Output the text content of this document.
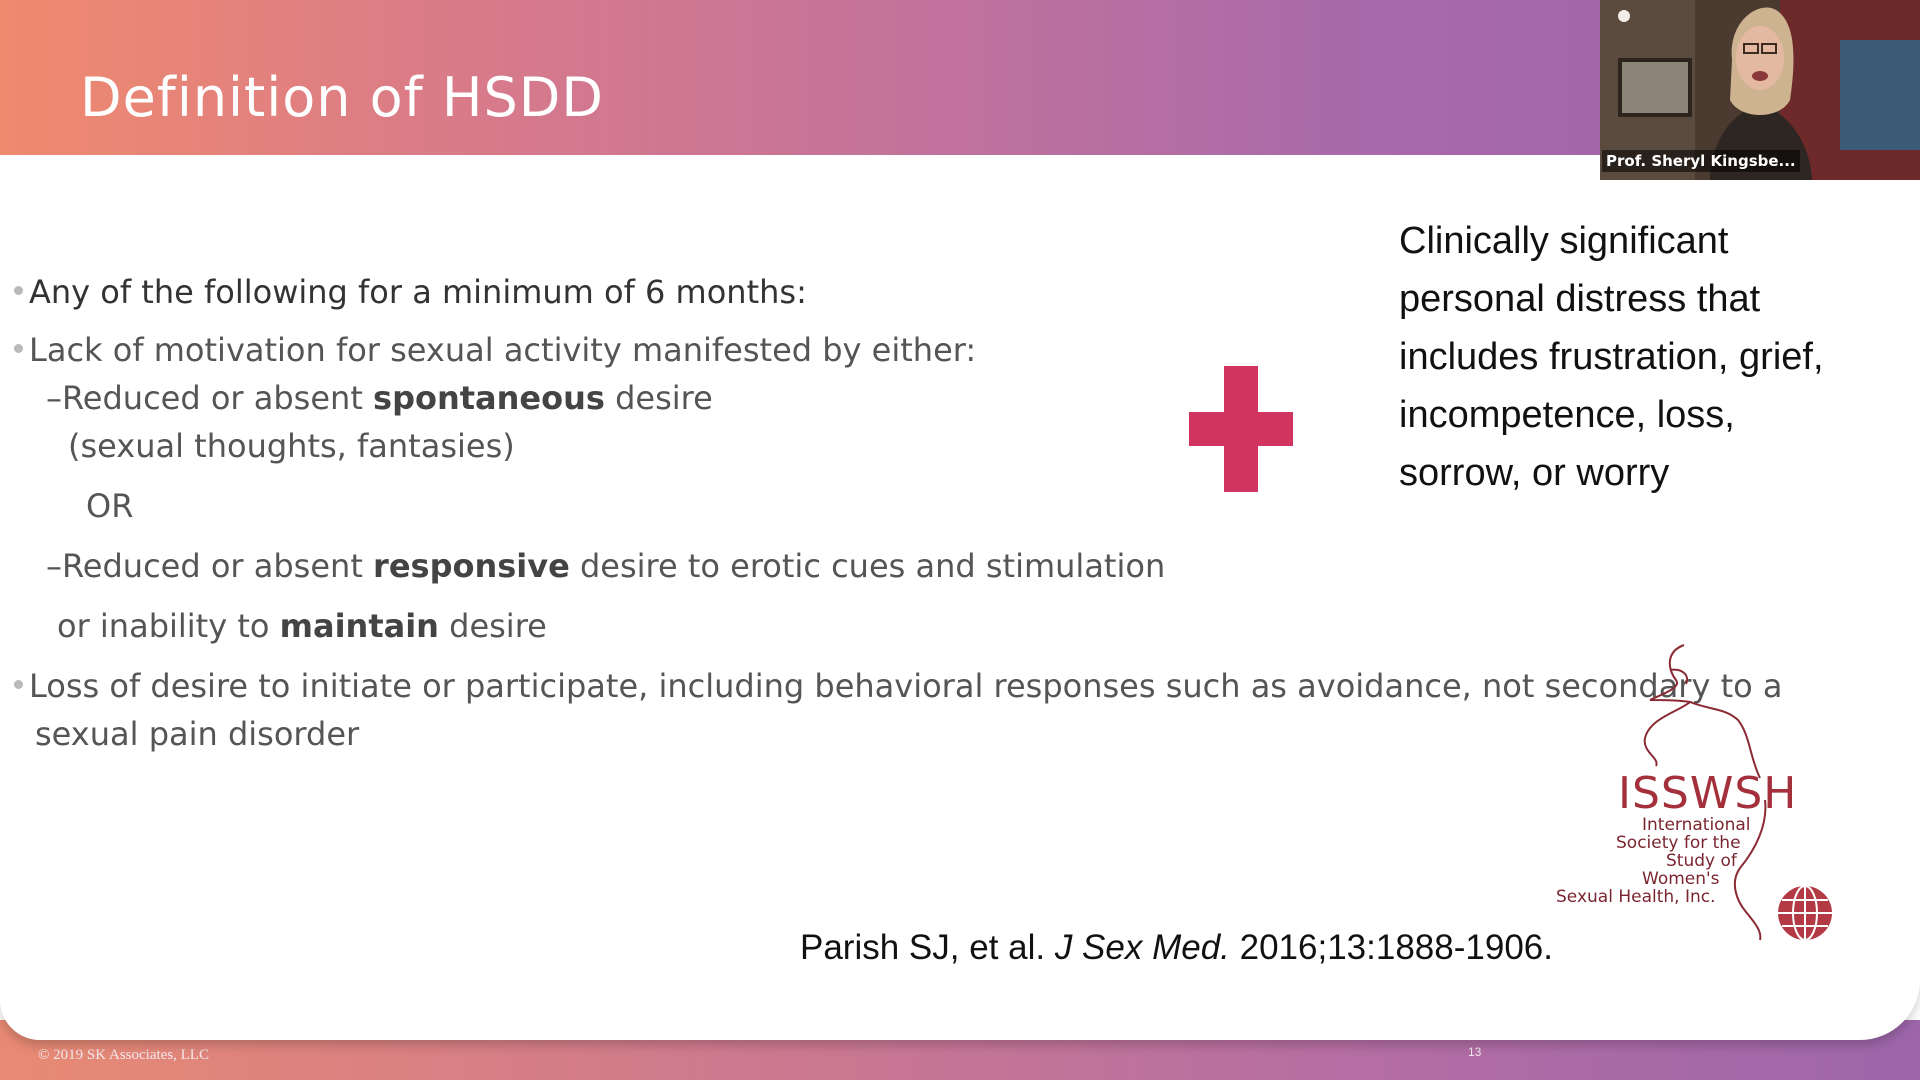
© 2019 SK Associates, LLC	13
Definition of HSDD
Any of the following for a minimum of 6 months:
Lack of motivation for sexual activity manifested by either:
–Reduced or absent spontaneous desire
(sexual thoughts, fantasies)
OR
–Reduced or absent responsive desire to erotic cues and stimulation
or inability to maintain desire
Loss of desire to initiate or participate, including behavioral responses such as avoidance, not secondary to a
sexual pain disorder
Clinically significant
personal distress that
includes frustration, grief,
incompetence, loss,
sorrow, or worry
Parish SJ, et al. J Sex Med. 2016;13:1888-1906.
ISSWSH
International
Society for the
Study of
Women's
Sexual Health, Inc.
Prof. Sheryl Kingsbe...
